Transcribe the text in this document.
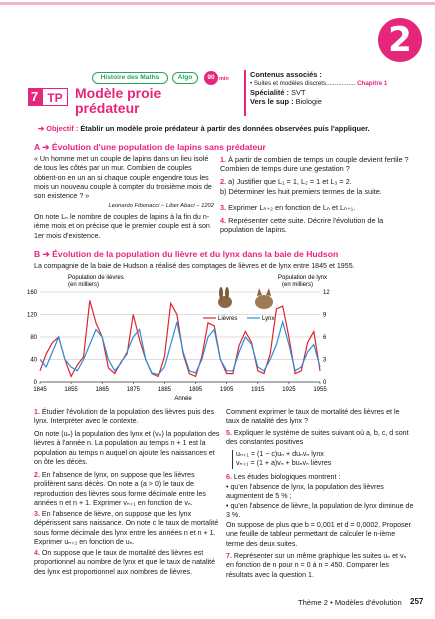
2
Histoire des Maths	Algo	90 min
7 TP Modèle proie
prédateur
Contenus associés :
• Suites et modèles discrets................. Chapitre 1
Spécialité : SVT
Vers le sup : Biologie
➔ Objectif : Établir un modèle proie prédateur à partir des données observées puis l'appliquer.
A ➔ Évolution d'une population de lapins sans prédateur
« Un homme met un couple de lapins dans un lieu isolé de tous les côtés par un mur. Combien de couples obtient-on en un an si chaque couple engendre tous les mois un nouveau couple à compter du troisième mois de son existence ? »
Leonardo Fibonacci – Liber Abaci – 1202
On note Lₙ le nombre de couples de lapins à la fin du n-ième mois et on précise que le premier couple est à son 1er mois d'existence.
1. À partir de combien de temps un couple devient fertile ? Combien de temps dure une gestation ?
2. a) Justifier que L₁ = 1, L₂ = 1 et L₃ = 2.
b) Déterminer les huit premiers termes de la suite.
3. Exprimer Lₙ₊₂ en fonction de Lₙ et Lₙ₊₁.
4. Représenter cette suite. Décrire l'évolution de la population de lapins.
B ➔ Évolution de la population du lièvre et du lynx dans la baie de Hudson
La compagnie de la baie de Hudson a réalisé des comptages de lièvres et de lynx entre 1845 et 1955.
Population de lièvres
(en milliers)
Population de lynx
(en milliers)
0
40
80
120
160
0
3
6
9
12
1845	1855	1865	1875	1885	1895	1905	1915	1925	1955
Lièvres	Lynx
Année
1. Étudier l'évolution de la population des lièvres puis des lynx. Interpréter avec le contexte.
On note (uₙ) la population des lynx et (vₙ) la population des lièvres à l'année n. La population au temps n + 1 est la population au temps n auquel on ajoute les naissances et on ôte les décès.
2. En l'absence de lynx, on suppose que les lièvres prolifèrent sans décès. On note a (a > 0) le taux de reproduction des lièvres sous forme décimale entre les années n et n + 1. Exprimer vₙ₊₁ en fonction de vₙ.
3. En l'absence de lièvre, on suppose que les lynx dépérissent sans naissance. On note c le taux de mortalité sous forme décimale des lynx entre les années n et n + 1. Exprimer uₙ₊₁ en fonction de uₙ.
4. On suppose que le taux de mortalité des lièvres est proportionnel au nombre de lynx et que le taux de natalité des lynx est proportionnel aux nombres de lièvres.
Comment exprimer le taux de mortalité des lièvres et le taux de natalité des lynx ?
5. Expliquer le système de suites suivant où a, b, c, d sont des constantes positives
uₙ₊₁ = (1 − c)uₙ + duₙvₙ lynx
vₙ₊₁ = (1 + a)vₙ + buₙvₙ lièvres
6. Les études biologiques montrent :
• qu'en l'absence de lynx, la population des lièvres augmentent de 5 % ;
• qu'en l'absence de lièvre, la population de lynx diminue de 3 %.
On suppose de plus que b = 0,001 et d = 0,0002. Proposer une feuille de tableur permettant de calculer le n-ième terme des deux suites.
7. Représenter sur un même graphique les suites uₙ et vₙ en fonction de n pour n = 0 à n = 450. Comparer les résultats avec la question 1.
Thème 2 • Modèles d'évolution 257
